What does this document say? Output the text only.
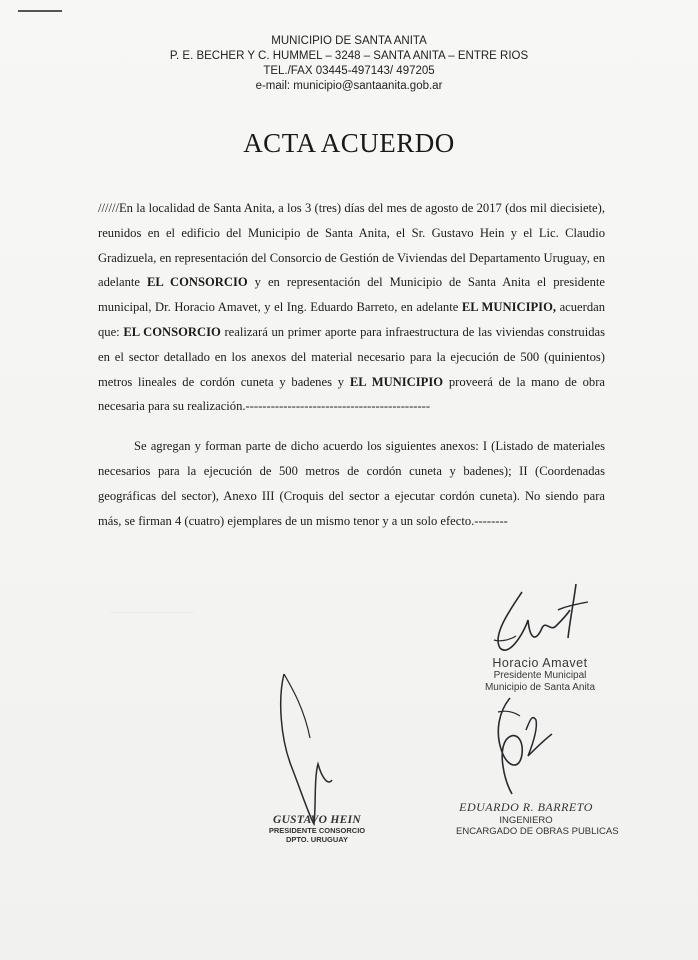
____________
MUNICIPIO DE SANTA ANITA
P. E. BECHER Y C. HUMMEL – 3248 – SANTA ANITA – ENTRE RIOS
TEL./FAX 03445-497143/ 497205
e-mail: municipio@santaanita.gob.ar
ACTA ACUERDO

//////En la localidad de Santa Anita, a los 3 (tres) días del mes de agosto de 2017 (dos mil diecisiete), reunidos en el edificio del Municipio de Santa Anita, el Sr. Gustavo Hein y el Lic. Claudio Gradizuela, en representación del Consorcio de Gestión de Viviendas del Departamento Uruguay, en adelante EL CONSORCIO y en representación del Municipio de Santa Anita el presidente municipal, Dr. Horacio Amavet, y el Ing. Eduardo Barreto, en adelante EL MUNICIPIO, acuerdan que: EL CONSORCIO realizará un primer aporte para infraestructura de las viviendas construidas en el sector detallado en los anexos del material necesario para la ejecución de 500 (quinientos) metros lineales de cordón cuneta y badenes y EL MUNICIPIO proveerá de la mano de obra necesaria para su realización.--------------------------------------------

Se agregan y forman parte de dicho acuerdo los siguientes anexos: I (Listado de materiales necesarios para la ejecución de 500 metros de cordón cuneta y badenes); II (Coordenadas geográficas del sector), Anexo III (Croquis del sector a ejecutar cordón cuneta). No siendo para más, se firman 4 (cuatro) ejemplares de un mismo tenor y a un solo efecto.--------

Horacio Amavet
Presidente Municipal
Municipio de Santa Anita
EDUARDO R. BARRETO
INGENIERO
ENCARGADO DE OBRAS PUBLICAS
GUSTAVO HEIN
PRESIDENTE CONSORCIO
DPTO. URUGUAY
